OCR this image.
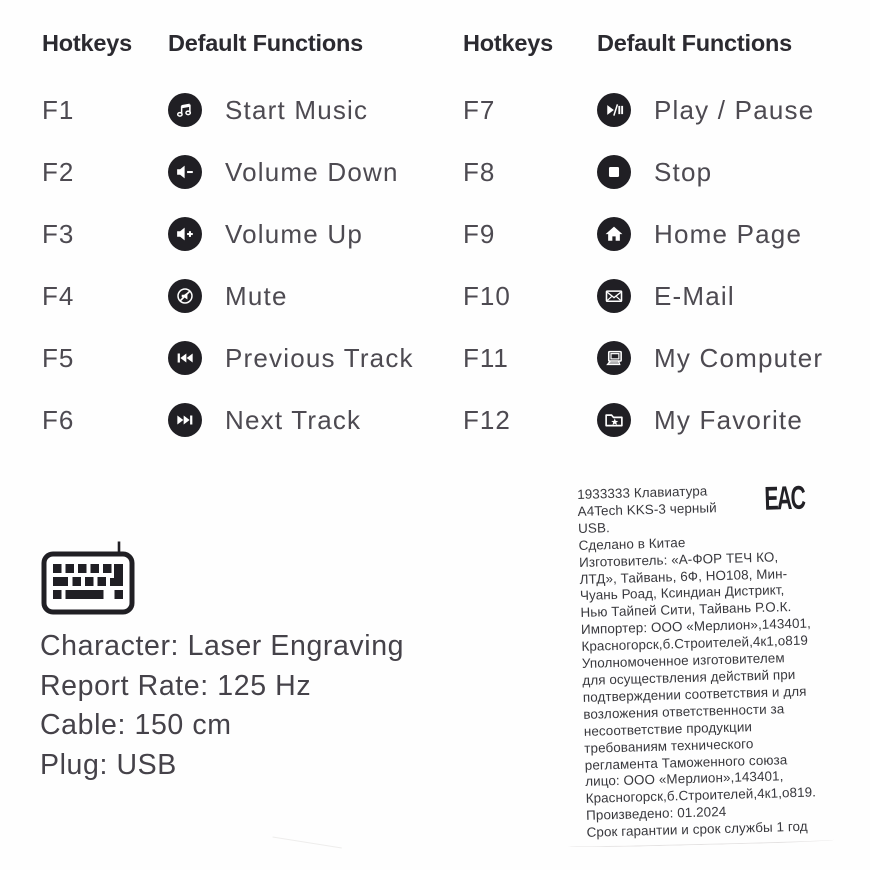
Hotkeys	Default Functions
F1	Start Music
F2	Volume Down
F3	Volume Up
F4	Mute
F5	Previous Track
F6	Next Track
Hotkeys	Default Functions
F7	Play / Pause
F8	Stop
F9	Home Page
F10	E-Mail
F11	My Computer
F12	My Favorite
Character: Laser Engraving
Report Rate: 125 Hz
Cable: 150 cm
Plug: USB
EAC
1933333 Клавиатура
A4Tech KKS-3 черный
USB.
Сделано в Китае
Изготовитель: «А-ФОР ТЕЧ КО,
ЛТД», Тайвань, 6Ф, НО108, Мин-
Чуань Роад, Ксиндиан Дистрикт,
Нью Тайпей Сити, Тайвань Р.О.К.
Импортер: ООО «Мерлион»,143401,
Красногорск,б.Строителей,4к1,о819
Уполномоченное изготовителем
для осуществления действий при
подтверждении соответствия и для
возложения ответственности за
несоответствие продукции
требованиям технического
регламента Таможенного союза
лицо: ООО «Мерлион»,143401,
Красногорск,б.Строителей,4к1,о819.
Произведено: 01.2024
Срок гарантии и срок службы 1 год
